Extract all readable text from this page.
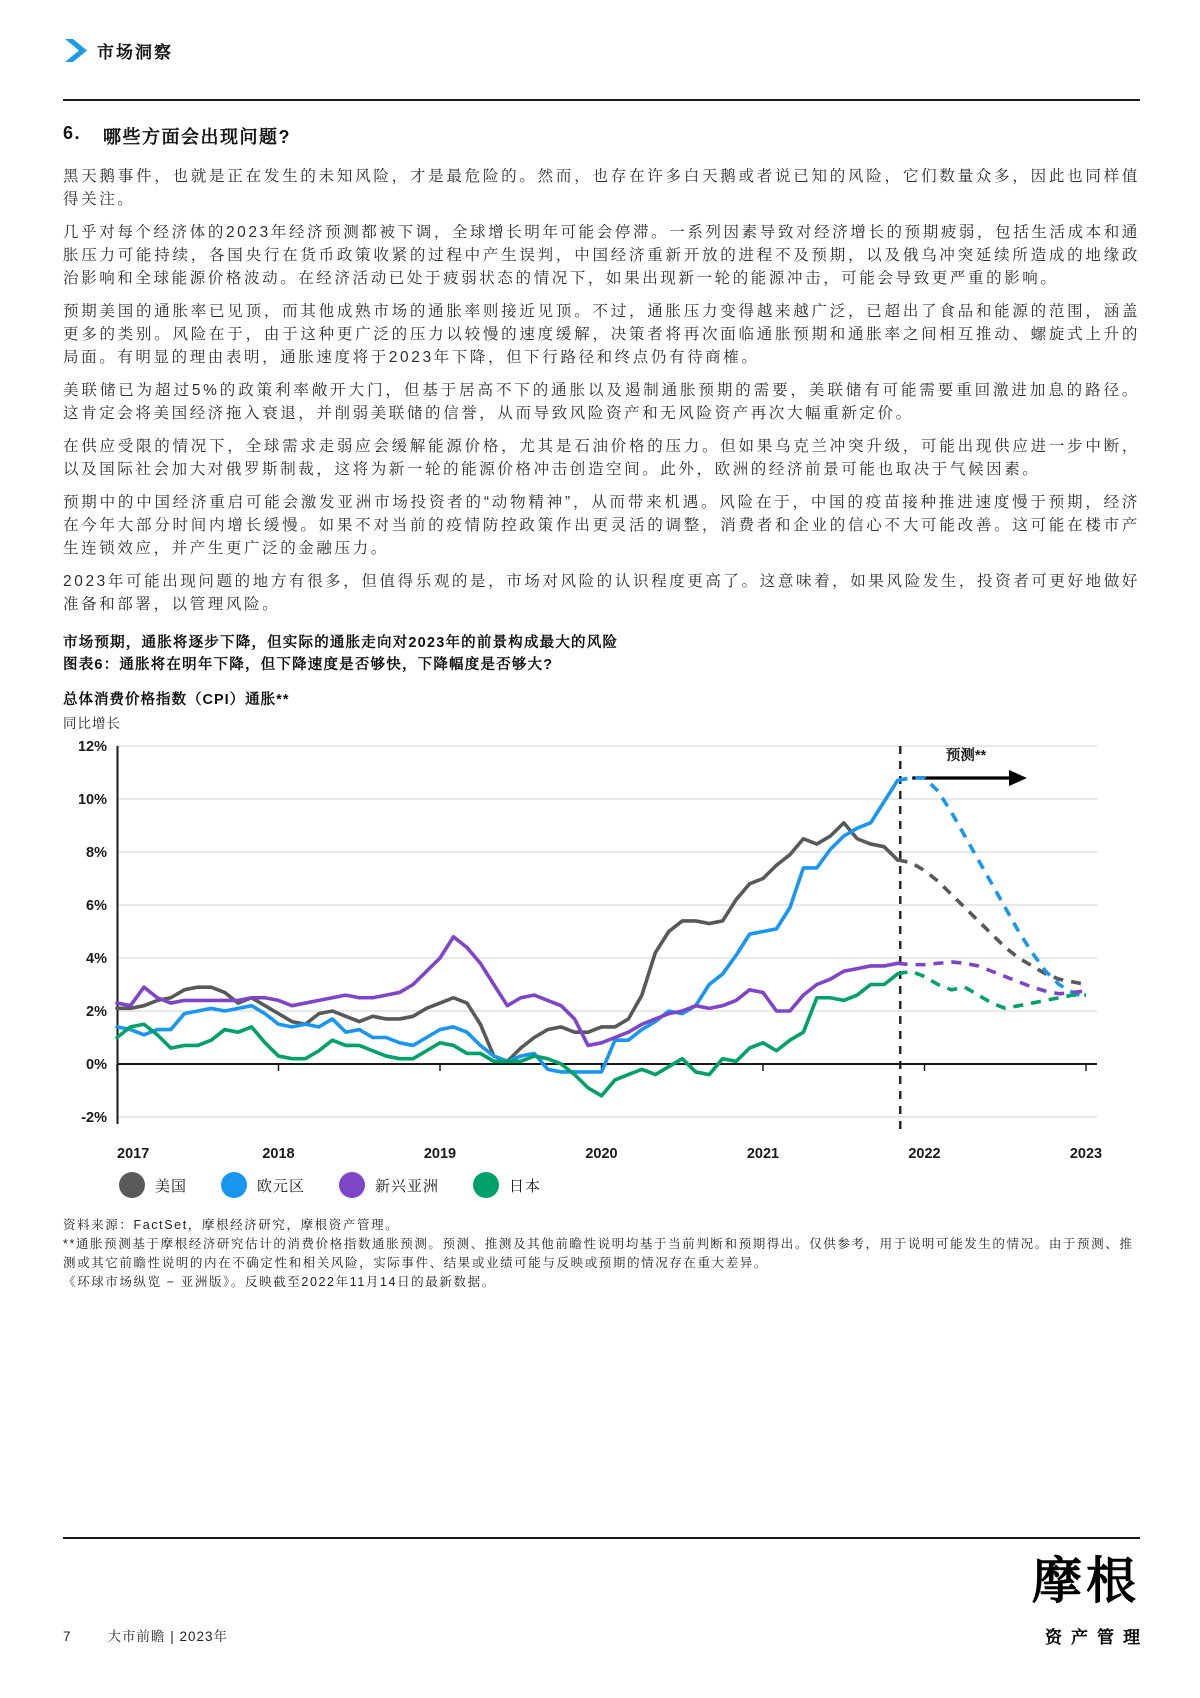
市场洞察
6. 哪些方面会出现问题?

黑天鹅事件，也就是正在发生的未知风险，才是最危险的。然而，也存在许多白天鹅或者说已知的风险，它们数量众多，因此也同样值得关注。

几乎对每个经济体的2023年经济预测都被下调，全球增长明年可能会停滞。一系列因素导致对经济增长的预期疲弱，包括生活成本和通胀压力可能持续，各国央行在货币政策收紧的过程中产生误判，中国经济重新开放的进程不及预期，以及俄乌冲突延续所造成的地缘政治影响和全球能源价格波动。在经济活动已处于疲弱状态的情况下，如果出现新一轮的能源冲击，可能会导致更严重的影响。

预期美国的通胀率已见顶，而其他成熟市场的通胀率则接近见顶。不过，通胀压力变得越来越广泛，已超出了食品和能源的范围，涵盖更多的类别。风险在于，由于这种更广泛的压力以较慢的速度缓解，决策者将再次面临通胀预期和通胀率之间相互推动、螺旋式上升的局面。有明显的理由表明，通胀速度将于2023年下降，但下行路径和终点仍有待商榷。

美联储已为超过5%的政策利率敞开大门，但基于居高不下的通胀以及遏制通胀预期的需要，美联储有可能需要重回激进加息的路径。这肯定会将美国经济拖入衰退，并削弱美联储的信誉，从而导致风险资产和无风险资产再次大幅重新定价。

在供应受限的情况下，全球需求走弱应会缓解能源价格，尤其是石油价格的压力。但如果乌克兰冲突升级，可能出现供应进一步中断，以及国际社会加大对俄罗斯制裁，这将为新一轮的能源价格冲击创造空间。此外，欧洲的经济前景可能也取决于气候因素。

预期中的中国经济重启可能会激发亚洲市场投资者的“动物精神”，从而带来机遇。风险在于，中国的疫苗接种推进速度慢于预期，经济在今年大部分时间内增长缓慢。如果不对当前的疫情防控政策作出更灵活的调整，消费者和企业的信心不大可能改善。这可能在楼市产生连锁效应，并产生更广泛的金融压力。

2023年可能出现问题的地方有很多，但值得乐观的是，市场对风险的认识程度更高了。这意味着，如果风险发生，投资者可更好地做好准备和部署，以管理风险。

市场预期，通胀将逐步下降，但实际的通胀走向对2023年的前景构成最大的风险
图表6：通胀将在明年下降，但下降速度是否够快，下降幅度是否够大?
总体消费价格指数（CPI）通胀**
同比增长
12%
10%
8%
6%
4%
2%
0%
-2%
2017	2018	2019	2020	2021	2022	2023
预测**
美国	欧元区	新兴亚洲	日本
资料来源：FactSet，摩根经济研究，摩根资产管理。
**通胀预测基于摩根经济研究估计的消费价格指数通胀预测。预测、推测及其他前瞻性说明均基于当前判断和预期得出。仅供参考，用于说明可能发生的情况。由于预测、推测或其它前瞻性说明的内在不确定性和相关风险，实际事件、结果或业绩可能与反映或预期的情况存在重大差异。
《环球市场纵览 − 亚洲版》。反映截至2022年11月14日的最新数据。
7	大市前瞻 | 2023年
摩根
资产管理
